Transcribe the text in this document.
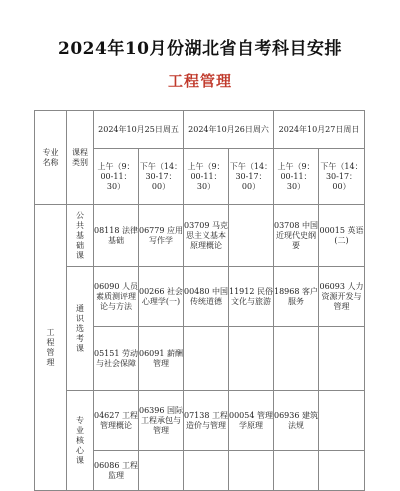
2024年10月份湖北省自考科目安排
工程管理
专业名称	课程类别	2024年10月25日周五		2024年10月26日周六		2024年10月27日周日	
		上午（9：00-11：30）	下午（14：30-17：00）	上午（9：00-11：30）	下午（14：30-17：00）	上午（9：00-11：30）	下午（14：30-17：00）
工程管理	公共基础课	08118 法律基础	06779 应用写作学	03709 马克思主义基本原理概论		03708 中国近现代史纲要	00015 英语(二)
	通识选考课	06090 人员素质测评理论与方法	00266 社会心理学(一)	00480 中国传统道德	11912 民俗文化与旅游	18968 客户服务	06093 人力资源开发与管理
		05151 劳动与社会保障	06091 薪酬管理				
	专业核心课	04627 工程管理概论	06396 国际工程承包与管理	07138 工程造价与管理	00054 管理学原理	06936 建筑法规	
		06086 工程监理					
